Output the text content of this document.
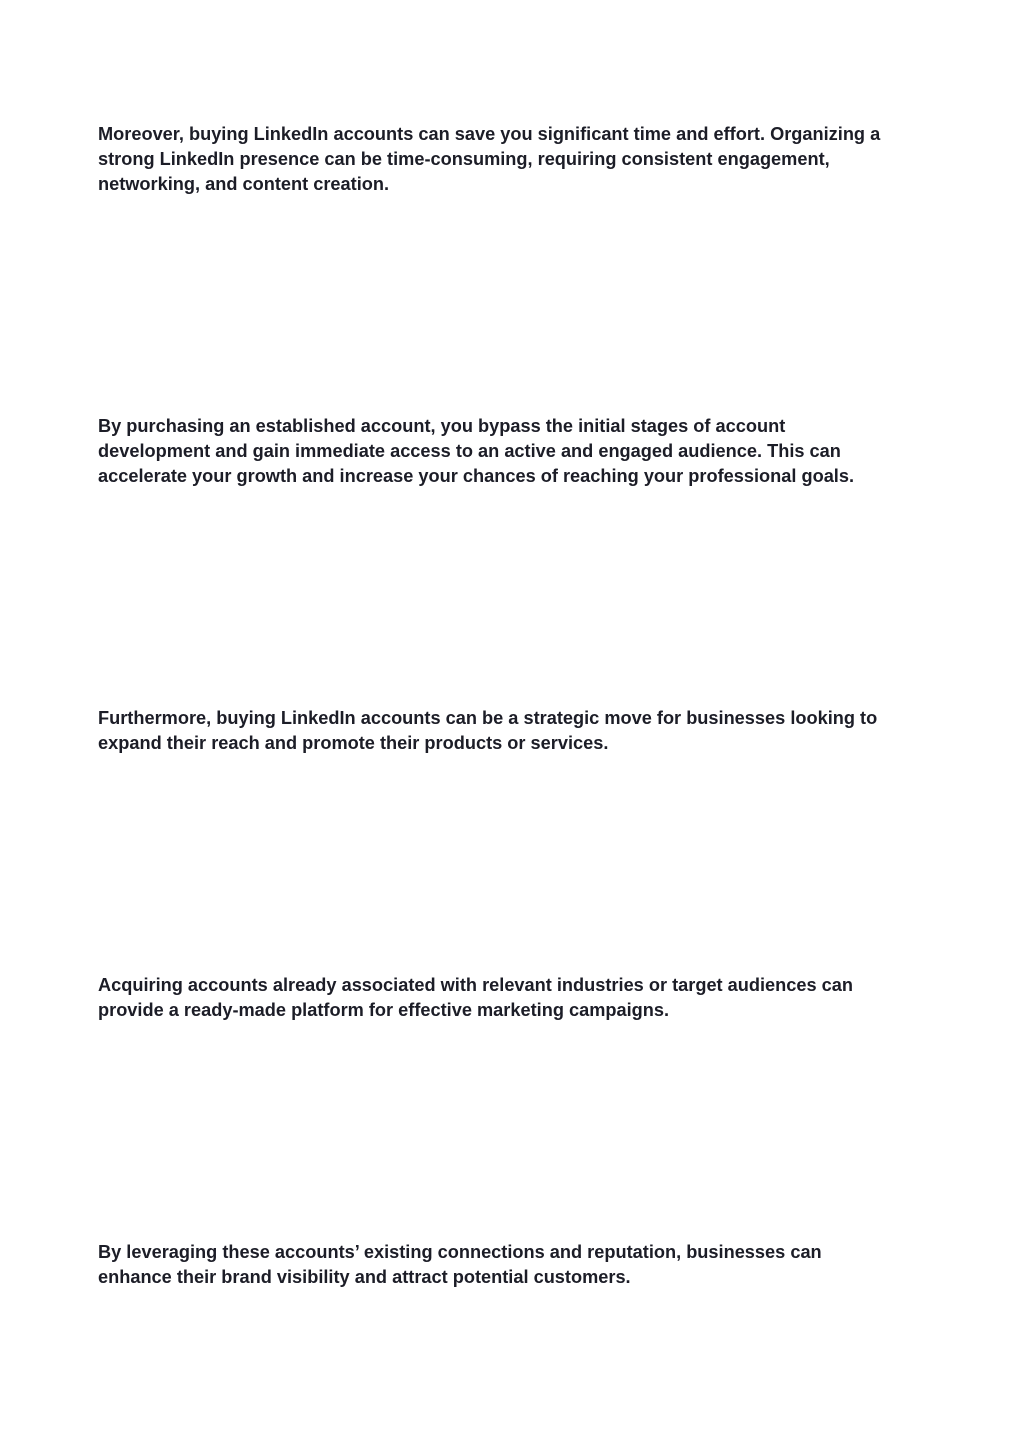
Moreover, buying LinkedIn accounts can save you significant time and effort. Organizing a
strong LinkedIn presence can be time-consuming, requiring consistent engagement,
networking, and content creation.

By purchasing an established account, you bypass the initial stages of account
development and gain immediate access to an active and engaged audience. This can
accelerate your growth and increase your chances of reaching your professional goals.

Furthermore, buying LinkedIn accounts can be a strategic move for businesses looking to
expand their reach and promote their products or services.

Acquiring accounts already associated with relevant industries or target audiences can
provide a ready-made platform for effective marketing campaigns.

By leveraging these accounts’ existing connections and reputation, businesses can
enhance their brand visibility and attract potential customers.
